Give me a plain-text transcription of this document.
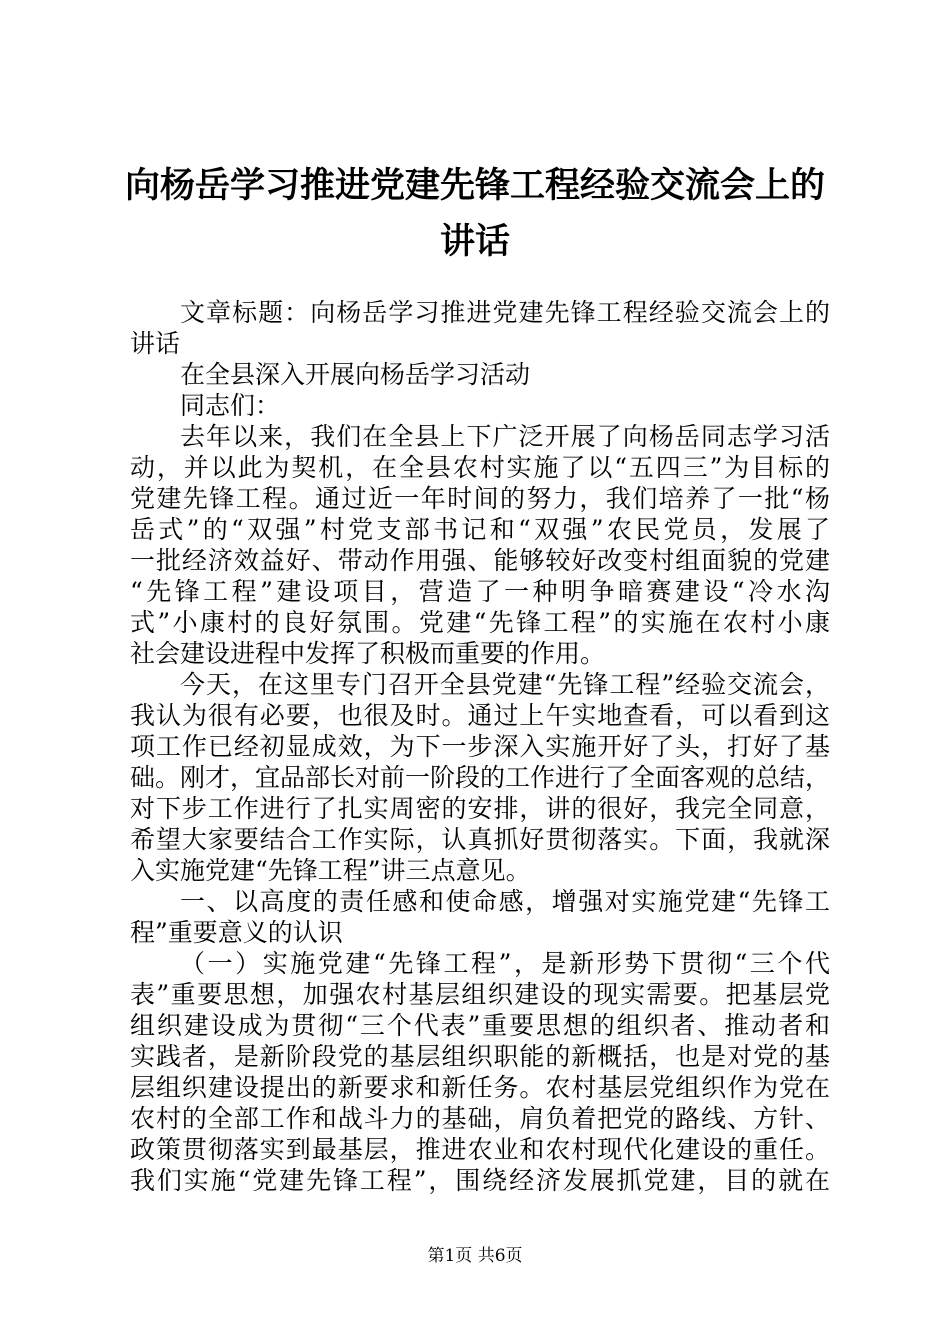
向杨岳学习推进党建先锋工程经验交流会上的
讲话
文章标题：向杨岳学习推进党建先锋工程经验交流会上的
讲话
在全县深入开展向杨岳学习活动
同志们：
去年以来，我们在全县上下广泛开展了向杨岳同志学习活
动，并以此为契机，在全县农村实施了以“五四三”为目标的
党建先锋工程。通过近一年时间的努力，我们培养了一批“杨
岳式”的“双强”村党支部书记和“双强”农民党员，发展了
一批经济效益好、带动作用强、能够较好改变村组面貌的党建
“先锋工程”建设项目，营造了一种明争暗赛建设“冷水沟
式”小康村的良好氛围。党建“先锋工程”的实施在农村小康
社会建设进程中发挥了积极而重要的作用。
今天，在这里专门召开全县党建“先锋工程”经验交流会，
我认为很有必要，也很及时。通过上午实地查看，可以看到这
项工作已经初显成效，为下一步深入实施开好了头，打好了基
础。刚才，宜品部长对前一阶段的工作进行了全面客观的总结，
对下步工作进行了扎实周密的安排，讲的很好，我完全同意，
希望大家要结合工作实际，认真抓好贯彻落实。下面，我就深
入实施党建“先锋工程”讲三点意见。
一、以高度的责任感和使命感，增强对实施党建“先锋工
程”重要意义的认识
（一）实施党建“先锋工程”，是新形势下贯彻“三个代
表”重要思想，加强农村基层组织建设的现实需要。把基层党
组织建设成为贯彻“三个代表”重要思想的组织者、推动者和
实践者，是新阶段党的基层组织职能的新概括，也是对党的基
层组织建设提出的新要求和新任务。农村基层党组织作为党在
农村的全部工作和战斗力的基础，肩负着把党的路线、方针、
政策贯彻落实到最基层，推进农业和农村现代化建设的重任。
我们实施“党建先锋工程”，围绕经济发展抓党建，目的就在
第1页 共6页
